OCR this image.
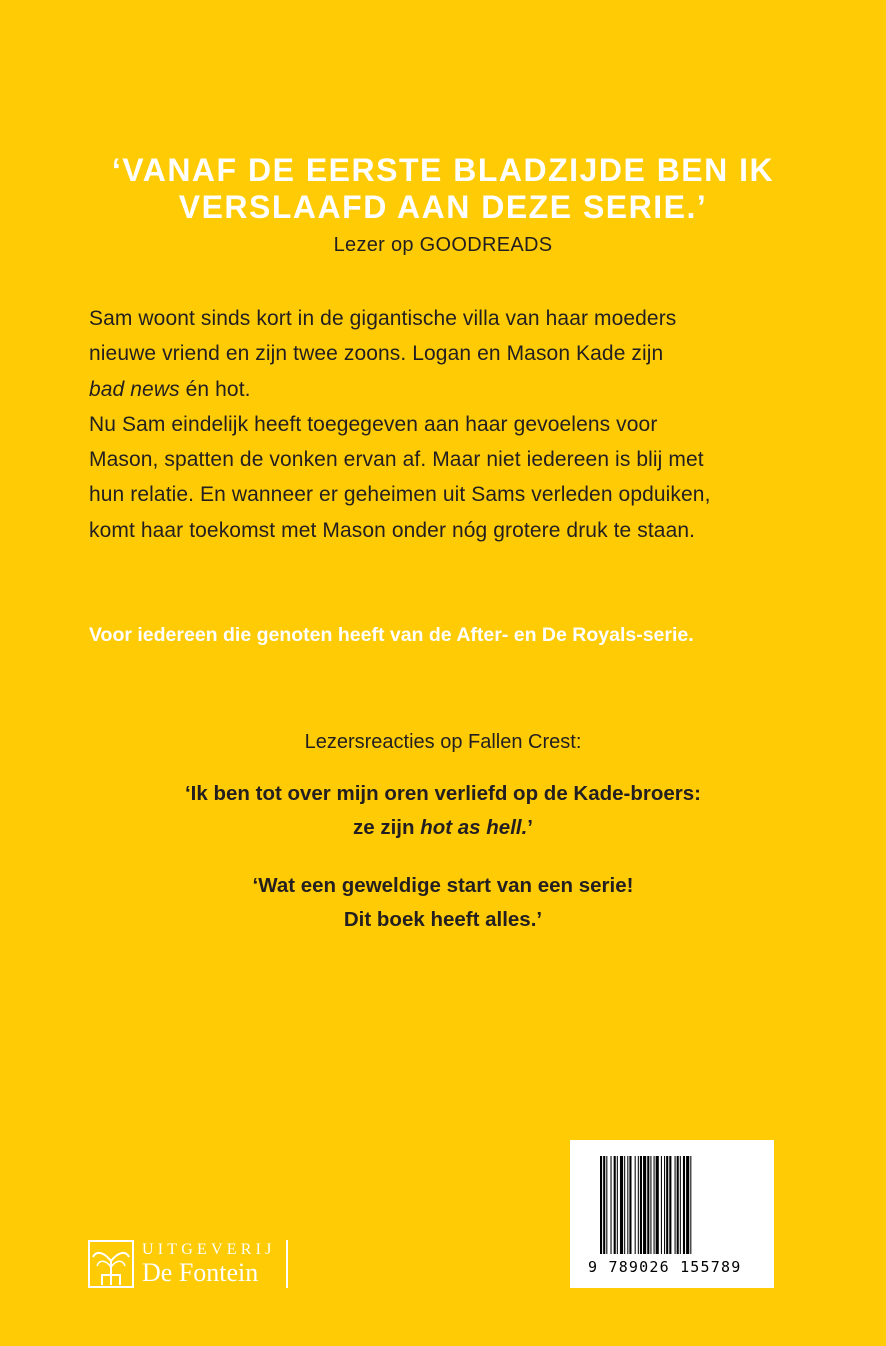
‘VANAF DE EERSTE BLADZIJDE BEN IK
VERSLAAFD AAN DEZE SERIE.’
Lezer op GOODREADS
Sam woont sinds kort in de gigantische villa van haar moeders
nieuwe vriend en zijn twee zoons. Logan en Mason Kade zijn
bad news én hot.
Nu Sam eindelijk heeft toegegeven aan haar gevoelens voor
Mason, spatten de vonken ervan af. Maar niet iedereen is blij met
hun relatie. En wanneer er geheimen uit Sams verleden opduiken,
komt haar toekomst met Mason onder nóg grotere druk te staan.
Voor iedereen die genoten heeft van de After- en De Royals-serie.
Lezersreacties op Fallen Crest:
‘Ik ben tot over mijn oren verliefd op de Kade-broers:
ze zijn hot as hell.’
‘Wat een geweldige start van een serie!
Dit boek heeft alles.’
UITGEVERIJ
De Fontein	9 789026 155789
